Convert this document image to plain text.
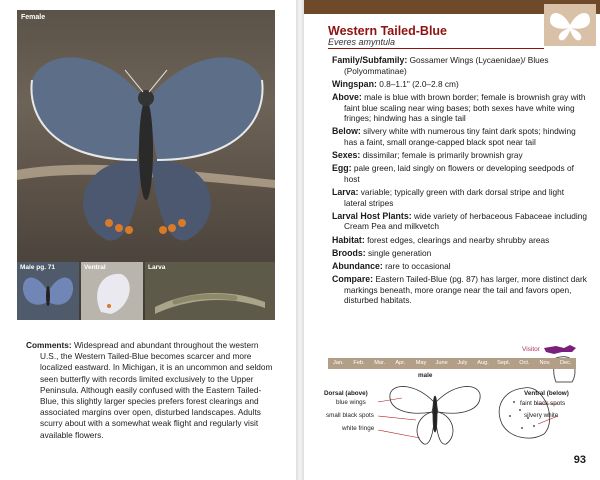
Female
Male pg. 71	Ventral	Larva

Comments: Widespread and abundant throughout the western U.S., the Western Tailed-Blue becomes scarcer and more localized eastward. In Michigan, it is an uncommon and seldom seen butterfly with records limited exclusively to the Upper Peninsula. Although easily confused with the Eastern Tailed-Blue, this slightly larger species prefers forest clearings and associated margins over open, disturbed landscapes. Adults scurry about with a somewhat weak flight and regularly visit available flowers.

Western Tailed-Blue
Everes amyntula

Family/Subfamily: Gossamer Wings (Lycaenidae)/ Blues (Polyommatinae)

Wingspan: 0.8–1.1" (2.0–2.8 cm)

Above: male is blue with brown border; female is brownish gray with faint blue scaling near wing bases; both sexes have white wing fringes; hindwing has a single tail

Below: silvery white with numerous tiny faint dark spots; hindwing has a faint, small orange-capped black spot near tail

Sexes: dissimilar; female is primarily brownish gray

Egg: pale green, laid singly on flowers or developing seedpods of host

Larva: variable; typically green with dark dorsal stripe and light lateral stripes

Larval Host Plants: wide variety of herbaceous Fabaceae including Cream Pea and milkvetch

Habitat: forest edges, clearings and nearby shrubby areas

Broods: single generation

Abundance: rare to occasional

Compare: Eastern Tailed-Blue (pg. 87) has larger, more distinct dark markings beneath, more orange near the tail and favors open, disturbed habitats.

Visitor
Jan.	Feb.	Mar.	Apr.	May	June	July	Aug.	Sept.	Oct.	Nov.	Dec.
male
Dorsal (above)
blue wings
small black spots
white fringe
Ventral (below)
faint black spots
silvery white
93
